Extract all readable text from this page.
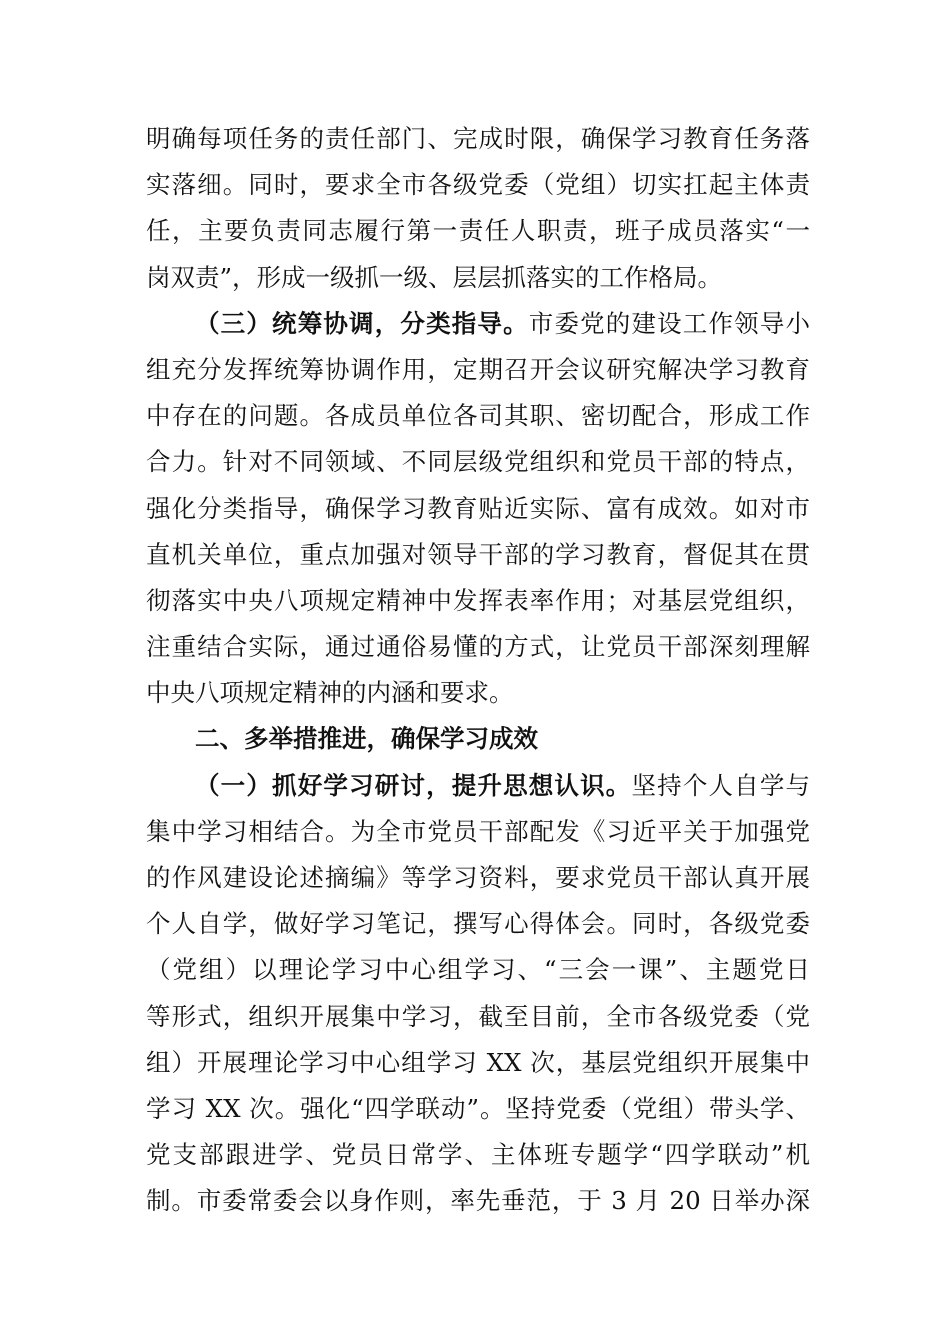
明确每项任务的责任部门、完成时限，确保学习教育任务落
实落细。同时，要求全市各级党委（党组）切实扛起主体责
任，主要负责同志履行第一责任人职责，班子成员落实“一
岗双责”，形成一级抓一级、层层抓落实的工作格局。
（三）统筹协调，分类指导。市委党的建设工作领导小
组充分发挥统筹协调作用，定期召开会议研究解决学习教育
中存在的问题。各成员单位各司其职、密切配合，形成工作
合力。针对不同领域、不同层级党组织和党员干部的特点，
强化分类指导，确保学习教育贴近实际、富有成效。如对市
直机关单位，重点加强对领导干部的学习教育，督促其在贯
彻落实中央八项规定精神中发挥表率作用；对基层党组织，
注重结合实际，通过通俗易懂的方式，让党员干部深刻理解
中央八项规定精神的内涵和要求。
二、多举措推进，确保学习成效
（一）抓好学习研讨，提升思想认识。坚持个人自学与
集中学习相结合。为全市党员干部配发《习近平关于加强党
的作风建设论述摘编》等学习资料，要求党员干部认真开展
个人自学，做好学习笔记，撰写心得体会。同时，各级党委
（党组）以理论学习中心组学习、“三会一课”、主题党日
等形式，组织开展集中学习，截至目前，全市各级党委（党
组）开展理论学习中心组学习 XX 次，基层党组织开展集中
学习 XX 次。强化“四学联动”。坚持党委（党组）带头学、
党支部跟进学、党员日常学、主体班专题学“四学联动”机
制。市委常委会以身作则，率先垂范，于 3 月 20 日举办深
